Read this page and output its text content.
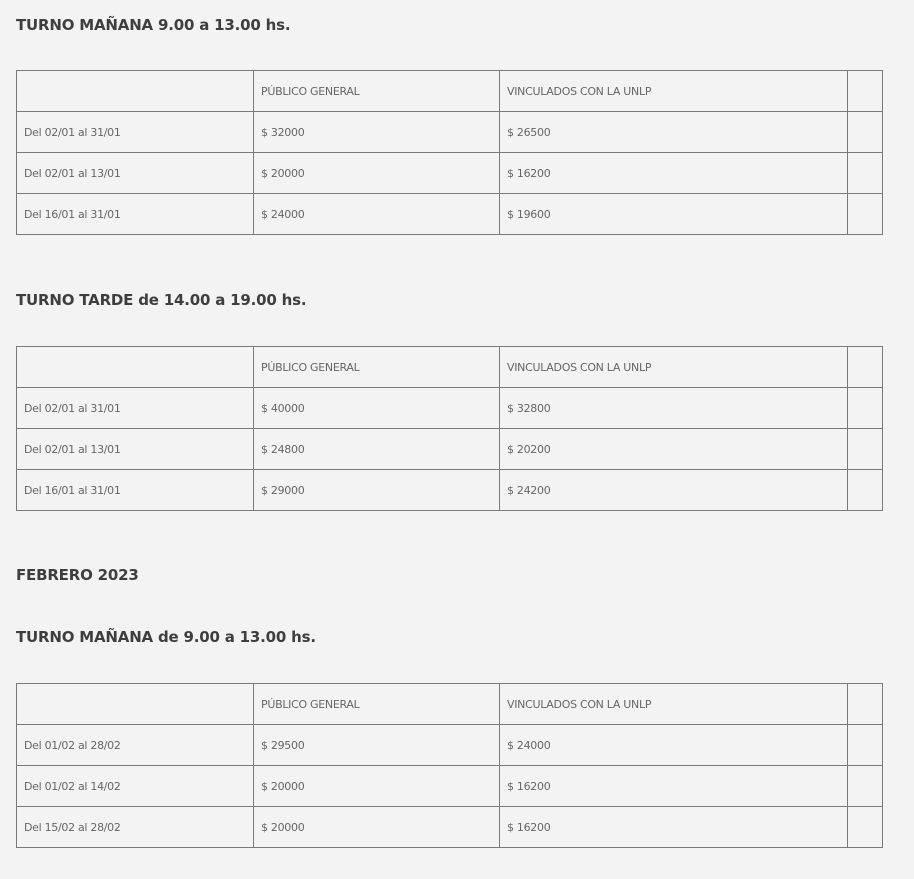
TURNO MAÑANA 9.00 a 13.00 hs.
	PÚBLICO GENERAL	VINCULADOS CON LA UNLP	
Del 02/01 al 31/01	$ 32000	$ 26500	
Del 02/01 al 13/01	$ 20000	$ 16200	
Del 16/01 al 31/01	$ 24000	$ 19600	
TURNO TARDE de 14.00 a 19.00 hs.
	PÚBLICO GENERAL	VINCULADOS CON LA UNLP	
Del 02/01 al 31/01	$ 40000	$ 32800	
Del 02/01 al 13/01	$ 24800	$ 20200	
Del 16/01 al 31/01	$ 29000	$ 24200	
FEBRERO 2023
TURNO MAÑANA de 9.00 a 13.00 hs.
	PÚBLICO GENERAL	VINCULADOS CON LA UNLP	
Del 01/02 al 28/02	$ 29500	$ 24000	
Del 01/02 al 14/02	$ 20000	$ 16200	
Del 15/02 al 28/02	$ 20000	$ 16200	
